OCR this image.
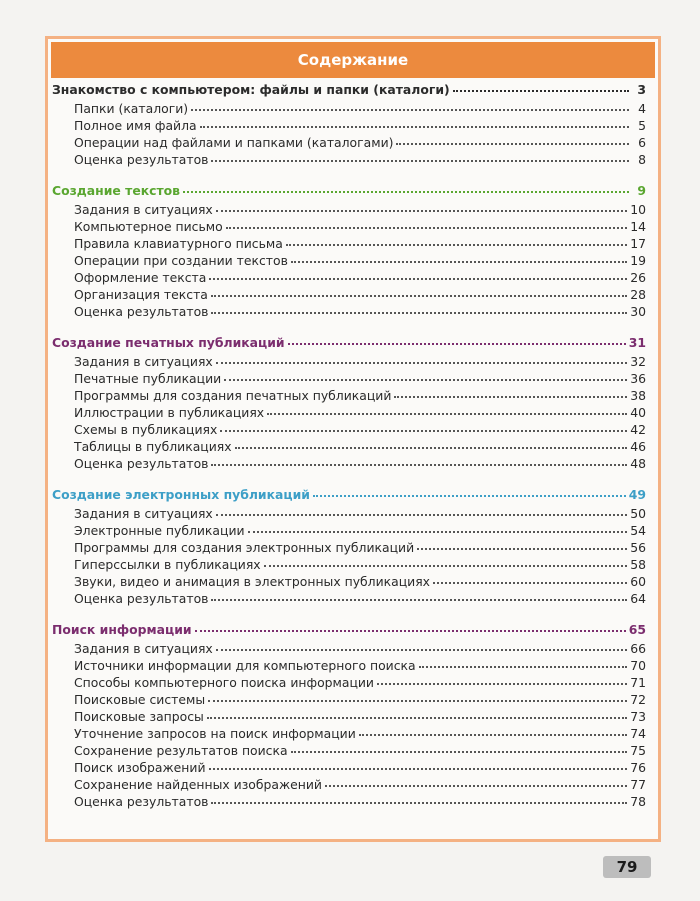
Содержание
Знакомство с компьютером: файлы и папки (каталоги)	3
Папки (каталоги)	4
Полное имя файла	5
Операции над файлами и папками (каталогами)	6
Оценка результатов	8
Создание текстов	9
Задания в ситуациях	10
Компьютерное письмо	14
Правила клавиатурного письма	17
Операции при создании текстов	19
Оформление текста	26
Организация текста	28
Оценка результатов	30
Создание печатных публикаций	31
Задания в ситуациях	32
Печатные публикации	36
Программы для создания печатных публикаций	38
Иллюстрации в публикациях	40
Схемы в публикациях	42
Таблицы в публикациях	46
Оценка результатов	48
Создание электронных публикаций	49
Задания в ситуациях	50
Электронные публикации	54
Программы для создания электронных публикаций	56
Гиперссылки в публикациях	58
Звуки, видео и анимация в электронных публикациях	60
Оценка результатов	64
Поиск информации	65
Задания в ситуациях	66
Источники информации для компьютерного поиска	70
Способы компьютерного поиска информации	71
Поисковые системы	72
Поисковые запросы	73
Уточнение запросов на поиск информации	74
Сохранение результатов поиска	75
Поиск изображений	76
Сохранение найденных изображений	77
Оценка результатов	78
79
